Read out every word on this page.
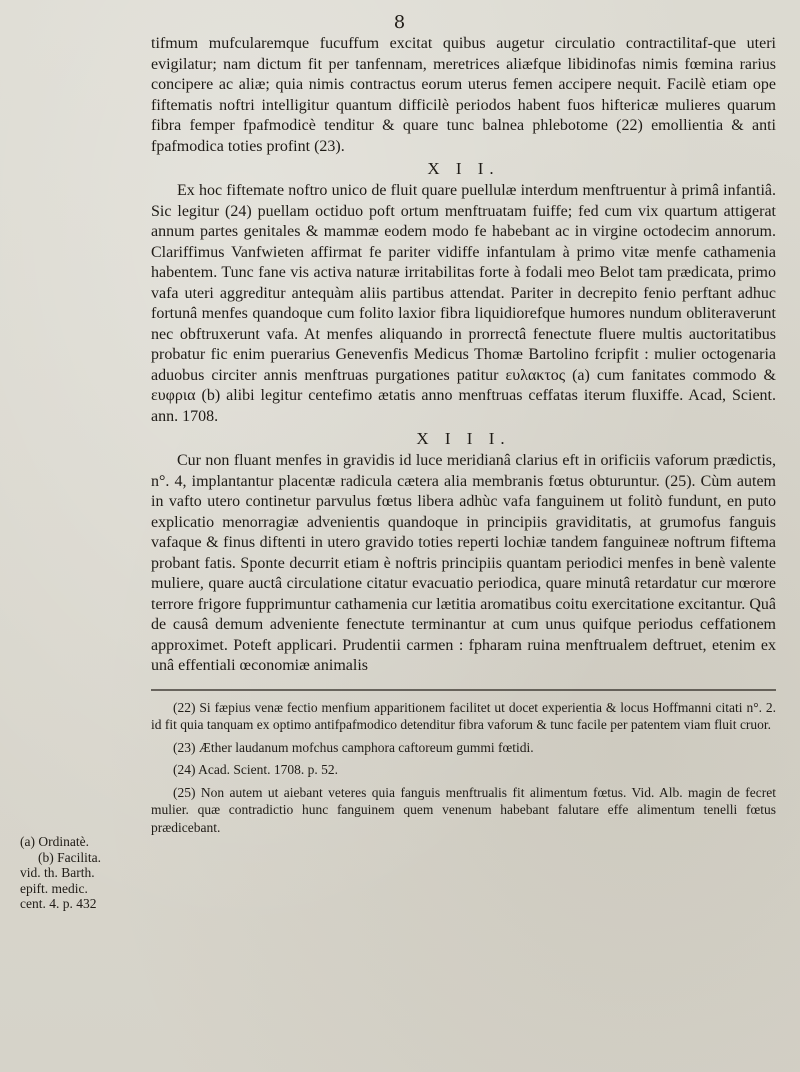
8

tifmum mufcularemque fucuffum excitat quibus augetur circulatio contractilitaf-que uteri evigilatur; nam dictum fit per tanfennam, meretrices aliæfque libidinofas nimis fœmina rarius concipere ac aliæ; quia nimis contractus eorum uterus femen accipere nequit. Facilè etiam ope fiftematis noftri intelligitur quantum difficilè periodos habent fuos hiftericæ mulieres quarum fibra femper fpafmodicè tenditur & quare tunc balnea phlebotome (22) emollientia & anti fpafmodica toties profint (23).

X I I.

Ex hoc fiftemate noftro unico de fluit quare puellulæ interdum menftruentur à primâ infantiâ. Sic legitur (24) puellam octiduo poft ortum menftruatam fuiffe; fed cum vix quartum attigerat annum partes genitales & mammæ eodem modo fe habebant ac in virgine octodecim annorum. Clariffimus Vanfwieten affirmat fe pariter vidiffe infantulam à primo vitæ menfe cathamenia habentem. Tunc fane vis activa naturæ irritabilitas forte à fodali meo Belot tam prædicata, primo vafa uteri aggreditur antequàm aliis partibus attendat. Pariter in decrepito fenio perftant adhuc fortunâ menfes quandoque cum folito laxior fibra liquidiorefque humores nundum obliteraverunt nec obftruxerunt vafa. At menfes aliquando in prorrectâ fenectute fluere multis auctoritatibus probatur fic enim puerarius Genevenfis Medicus Thomæ Bartolino fcripfit : mulier octogenaria aduobus circiter annis menftruas purgationes patitur ευλακτος (a) cum fanitates commodo & ευφρια (b) alibi legitur centefimo ætatis anno menftruas ceffatas iterum fluxiffe. Acad, Scient. ann. 1708.

X I I I.

Cur non fluant menfes in gravidis id luce meridianâ clarius eft in orificiis vaforum prædictis, n°. 4, implantantur placentæ radicula cætera alia membranis fœtus obturuntur. (25). Cùm autem in vafto utero continetur parvulus fœtus libera adhùc vafa fanguinem ut folitò fundunt, en puto explicatio menorragiæ advenientis quandoque in principiis graviditatis, at grumofus fanguis vafaque & finus diftenti in utero gravido toties reperti lochiæ tandem fanguineæ noftrum fiftema probant fatis. Sponte decurrit etiam è noftris principiis quantam periodici menfes in benè valente muliere, quare auctâ circulatione citatur evacuatio periodica, quare minutâ retardatur cur mœrore terrore frigore fupprimuntur cathamenia cur lætitia aromatibus coitu exercitatione excitantur. Quâ de causâ demum adveniente fenectute terminantur at cum unus quifque periodus ceffationem approximet. Poteft applicari. Prudentii carmen : fpharam ruina menftrualem deftruet, etenim ex unâ effentiali œconomiæ animalis

(22) Si fæpius venæ fectio menfium apparitionem facilitet ut docet experientia & locus Hoffmanni citati n°. 2. id fit quia tanquam ex optimo antifpafmodico detenditur fibra vaforum & tunc facile per patentem viam fluit cruor.

(23) Æther laudanum mofchus camphora caftoreum gummi fœtidi.

(24) Acad. Scient. 1708. p. 52.

(25) Non autem ut aiebant veteres quia fanguis menftrualis fit alimentum fœtus. Vid. Alb. magin de fecret mulier. quæ contradictio hunc fanguinem quem venenum habebant falutare effe alimentum tenelli fœtus prædicebant.

(a) Ordinatè.
(b) Facilita.
vid. th. Barth.
epift. medic.
cent. 4. p. 432
